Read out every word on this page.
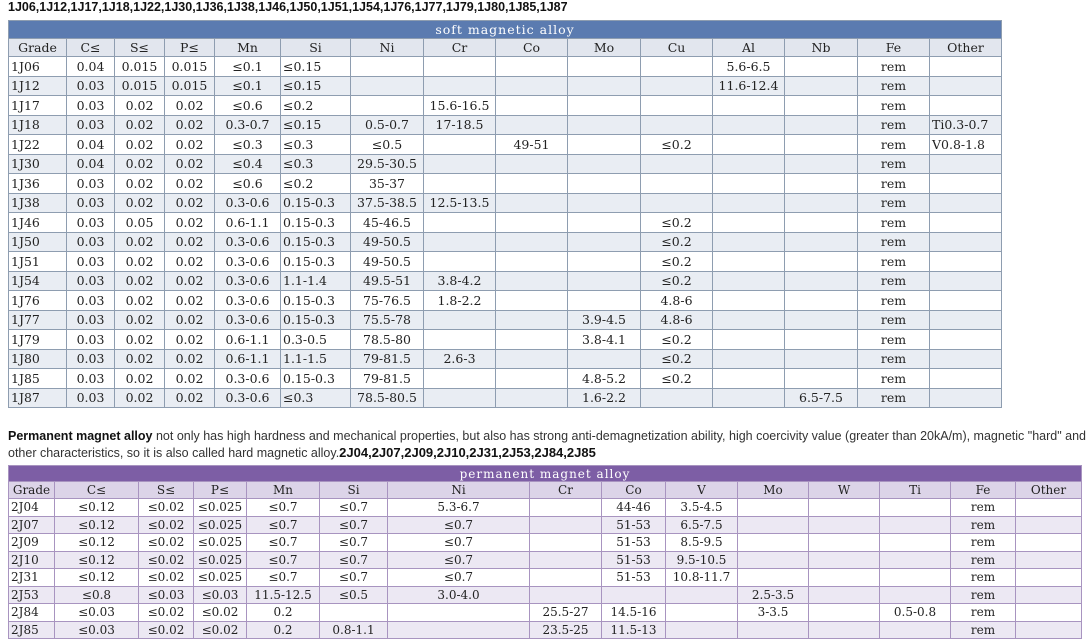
1J06,1J12,1J17,1J18,1J22,1J30,1J36,1J38,1J46,1J50,1J51,1J54,1J76,1J77,1J79,1J80,1J85,1J87
soft magnetic alloy														
Grade	C≤	S≤	P≤	Mn	Si	Ni	Cr	Co	Mo	Cu	Al	Nb	Fe	Other
1J06	0.04	0.015	0.015	≤0.1	≤0.15						5.6-6.5		rem	
1J12	0.03	0.015	0.015	≤0.1	≤0.15						11.6-12.4		rem	
1J17	0.03	0.02	0.02	≤0.6	≤0.2		15.6-16.5						rem	
1J18	0.03	0.02	0.02	0.3-0.7	≤0.15	0.5-0.7	17-18.5						rem	Ti0.3-0.7
1J22	0.04	0.02	0.02	≤0.3	≤0.3	≤0.5		49-51		≤0.2			rem	V0.8-1.8
1J30	0.04	0.02	0.02	≤0.4	≤0.3	29.5-30.5							rem	
1J36	0.03	0.02	0.02	≤0.6	≤0.2	35-37							rem	
1J38	0.03	0.02	0.02	0.3-0.6	0.15-0.3	37.5-38.5	12.5-13.5						rem	
1J46	0.03	0.05	0.02	0.6-1.1	0.15-0.3	45-46.5				≤0.2			rem	
1J50	0.03	0.02	0.02	0.3-0.6	0.15-0.3	49-50.5				≤0.2			rem	
1J51	0.03	0.02	0.02	0.3-0.6	0.15-0.3	49-50.5				≤0.2			rem	
1J54	0.03	0.02	0.02	0.3-0.6	1.1-1.4	49.5-51	3.8-4.2			≤0.2			rem	
1J76	0.03	0.02	0.02	0.3-0.6	0.15-0.3	75-76.5	1.8-2.2			4.8-6			rem	
1J77	0.03	0.02	0.02	0.3-0.6	0.15-0.3	75.5-78			3.9-4.5	4.8-6			rem	
1J79	0.03	0.02	0.02	0.6-1.1	0.3-0.5	78.5-80			3.8-4.1	≤0.2			rem	
1J80	0.03	0.02	0.02	0.6-1.1	1.1-1.5	79-81.5	2.6-3			≤0.2			rem	
1J85	0.03	0.02	0.02	0.3-0.6	0.15-0.3	79-81.5			4.8-5.2	≤0.2			rem	
1J87	0.03	0.02	0.02	0.3-0.6	≤0.3	78.5-80.5			1.6-2.2			6.5-7.5	rem	
Permanent magnet alloy not only has high hardness and mechanical properties, but also has strong anti-demagnetization ability, high coercivity value (greater than 20kA/m), magnetic "hard" and other characteristics, so it is also called hard magnetic alloy.2J04,2J07,2J09,2J10,2J31,2J53,2J84,2J85
permanent magnet alloy														
Grade	C≤	S≤	P≤	Mn	Si	Ni	Cr	Co	V	Mo	W	Ti	Fe	Other
2J04	≤0.12	≤0.02	≤0.025	≤0.7	≤0.7	5.3-6.7		44-46	3.5-4.5				rem	
2J07	≤0.12	≤0.02	≤0.025	≤0.7	≤0.7	≤0.7		51-53	6.5-7.5				rem	
2J09	≤0.12	≤0.02	≤0.025	≤0.7	≤0.7	≤0.7		51-53	8.5-9.5				rem	
2J10	≤0.12	≤0.02	≤0.025	≤0.7	≤0.7	≤0.7		51-53	9.5-10.5				rem	
2J31	≤0.12	≤0.02	≤0.025	≤0.7	≤0.7	≤0.7		51-53	10.8-11.7				rem	
2J53	≤0.8	≤0.03	≤0.03	11.5-12.5	≤0.5	3.0-4.0				2.5-3.5			rem	
2J84	≤0.03	≤0.02	≤0.02	0.2			25.5-27	14.5-16		3-3.5		0.5-0.8	rem	
2J85	≤0.03	≤0.02	≤0.02	0.2	0.8-1.1		23.5-25	11.5-13					rem	
